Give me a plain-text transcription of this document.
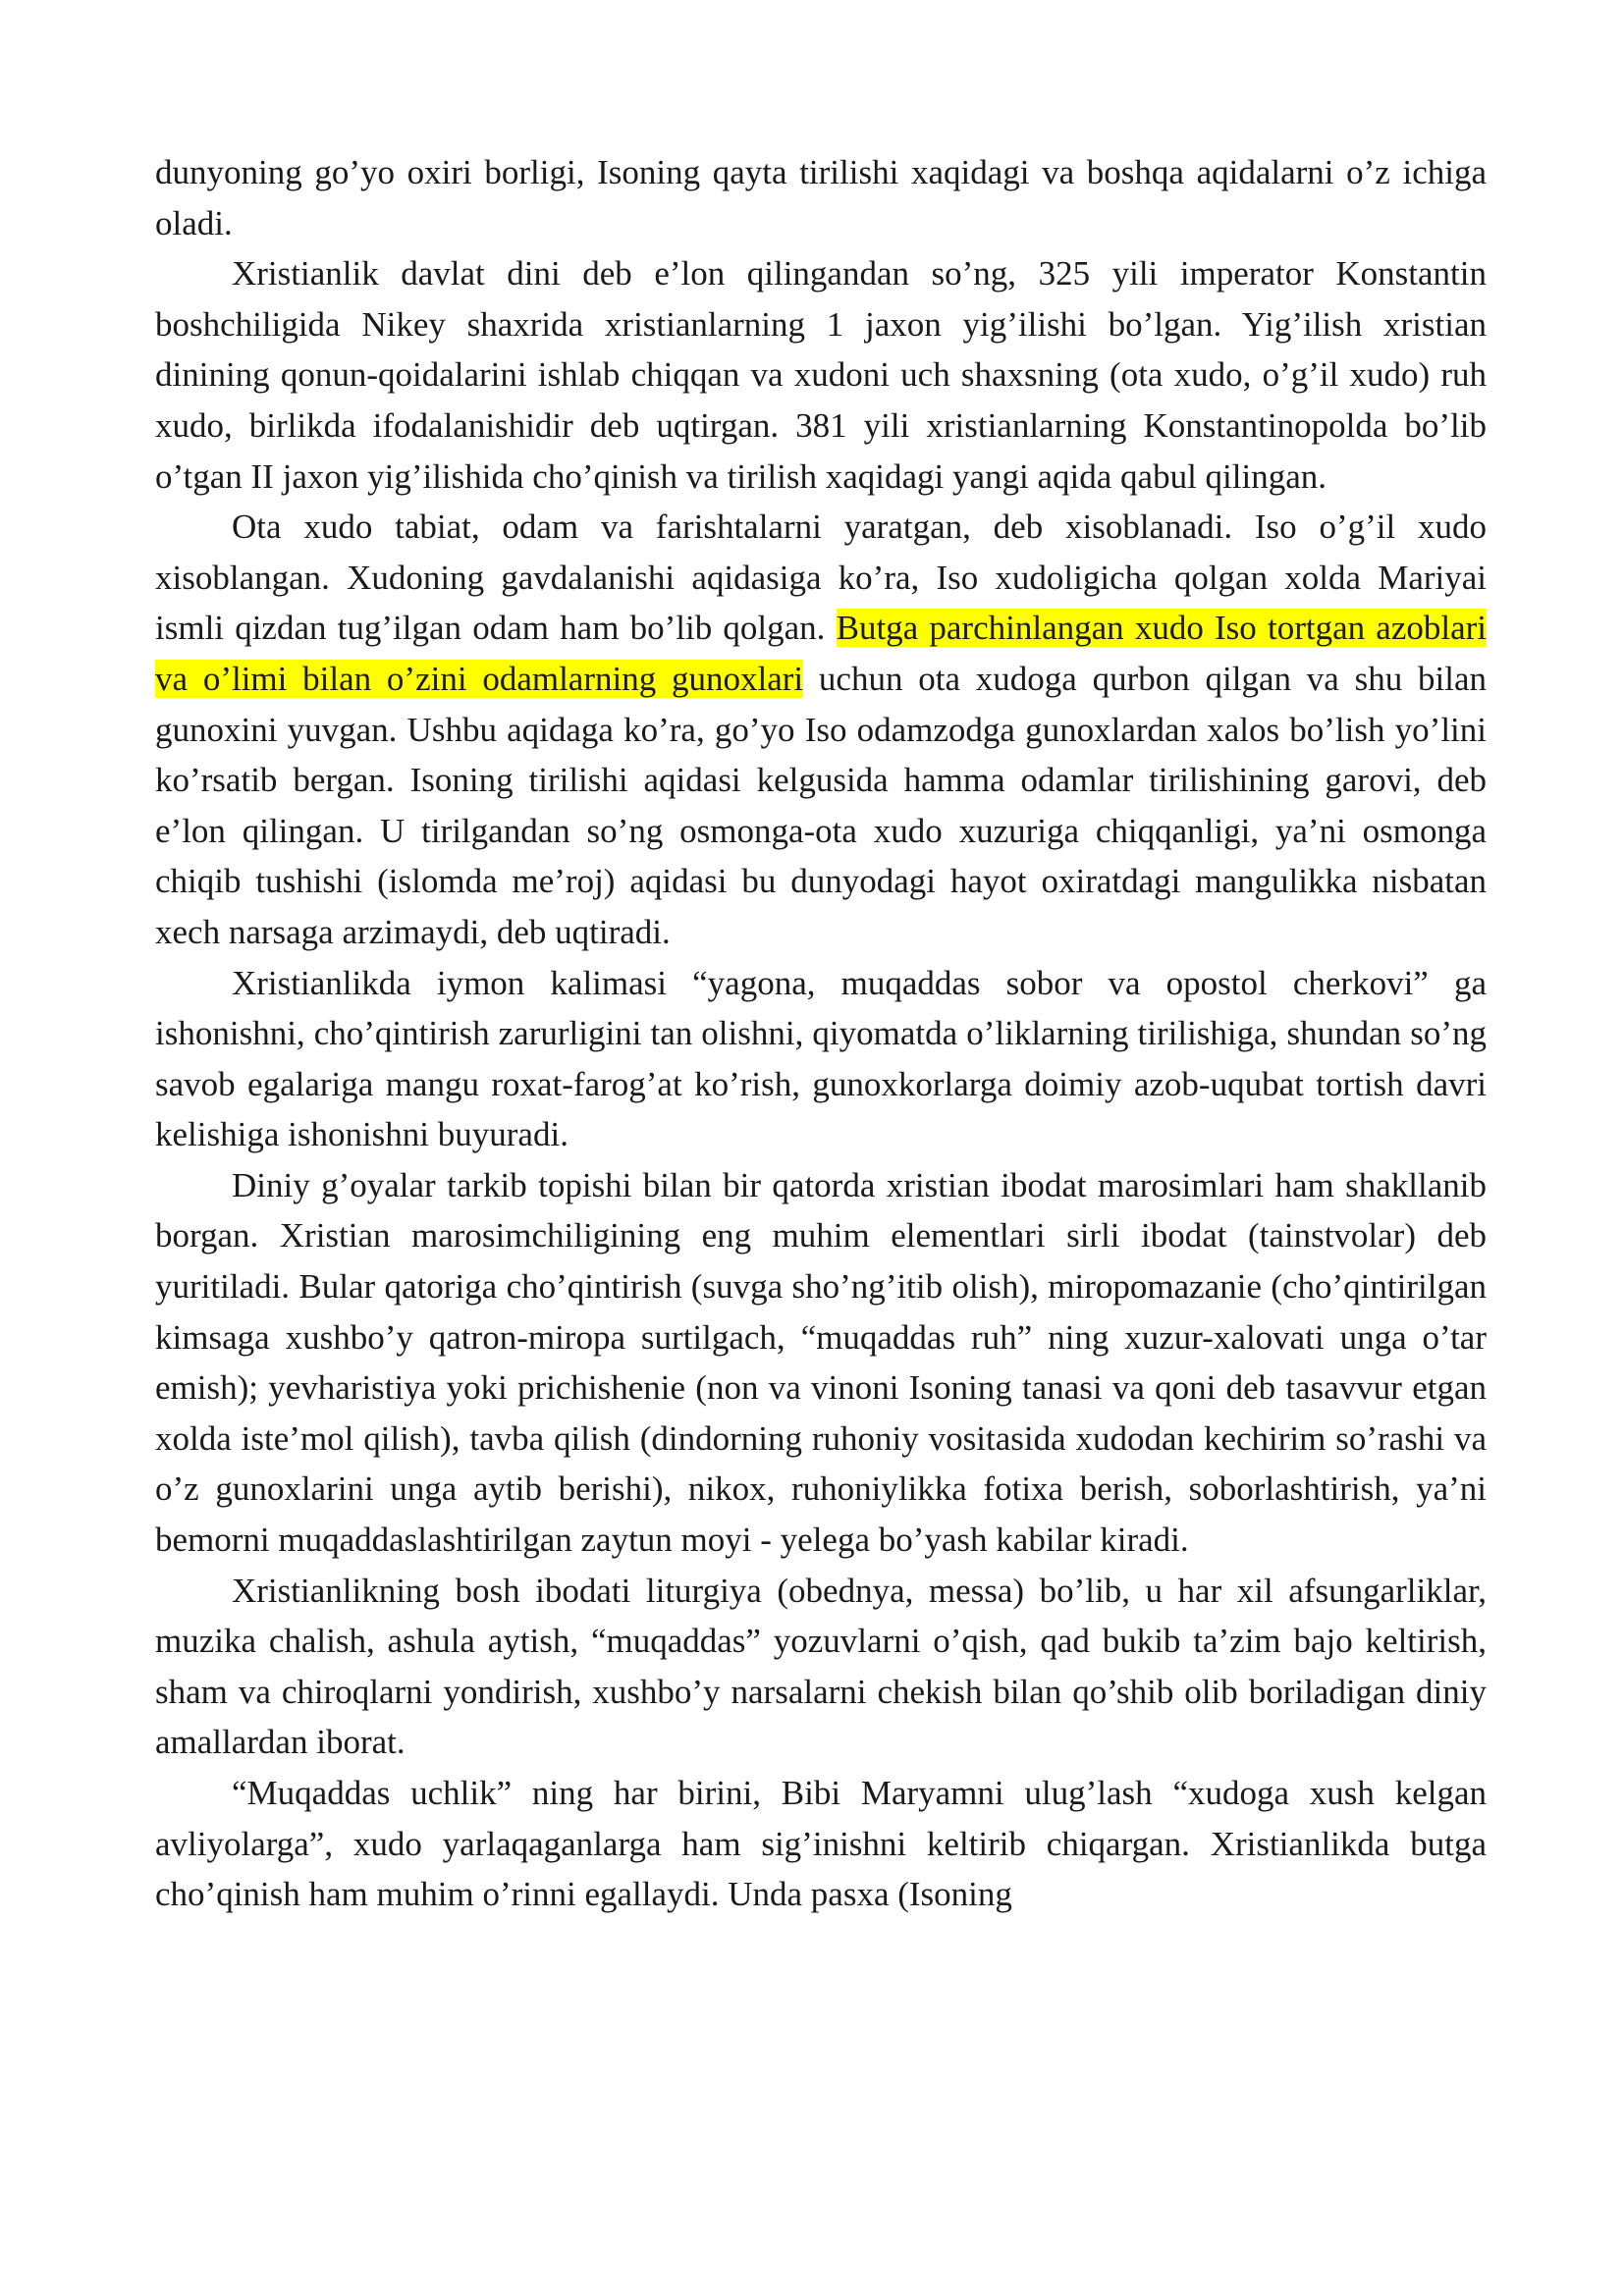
dunyoning go’yo oxiri borligi, Isoning qayta tirilishi xaqidagi va boshqa aqidalarni o’z ichiga oladi.

Xristianlik davlat dini deb e’lon qilingandan so’ng, 325 yili imperator Konstantin boshchiligida Nikey shaxrida xristianlarning 1 jaxon yig’ilishi bo’lgan. Yig’ilish xristian dinining qonun-qoidalarini ishlab chiqqan va xudoni uch shaxsning (ota xudo, o’g’il xudo) ruh xudo, birlikda ifodalanishidir deb uqtirgan. 381 yili xristianlarning Konstantinopolda bo’lib o’tgan II jaxon yig’ilishida cho’qinish va tirilish xaqidagi yangi aqida qabul qilingan.

Ota xudo tabiat, odam va farishtalarni yaratgan, deb xisoblanadi. Iso o’g’il xudo xisoblangan. Xudoning gavdalanishi aqidasiga ko’ra, Iso xudoligicha qolgan xolda Mariyai ismli qizdan tug’ilgan odam ham bo’lib qolgan. Butga parchinlangan xudo Iso tortgan azoblari va o’limi bilan o’zini odamlarning gunoxlari uchun ota xudoga qurbon qilgan va shu bilan gunoxini yuvgan. Ushbu aqidaga ko’ra, go’yo Iso odamzodga gunoxlardan xalos bo’lish yo’lini ko’rsatib bergan. Isoning tirilishi aqidasi kelgusida hamma odamlar tirilishining garovi, deb e’lon qilingan. U tirilgandan so’ng osmonga-ota xudo xuzuriga chiqqanligi, ya’ni osmonga chiqib tushishi (islomda me’roj) aqidasi bu dunyodagi hayot oxiratdagi mangulikka nisbatan xech narsaga arzimaydi, deb uqtiradi.

Xristianlikda iymon kalimasi “yagona, muqaddas sobor va opostol cherkovi” ga ishonishni, cho’qintirish zarurligini tan olishni, qiyomatda o’liklarning tirilishiga, shundan so’ng savob egalariga mangu roxat-farog’at ko’rish, gunoxkorlarga doimiy azob-uqubat tortish davri kelishiga ishonishni buyuradi.

Diniy g’oyalar tarkib topishi bilan bir qatorda xristian ibodat marosimlari ham shakllanib borgan. Xristian marosimchiligining eng muhim elementlari sirli ibodat (tainstvolar) deb yuritiladi. Bular qatoriga cho’qintirish (suvga sho’ng’itib olish), miropomazanie (cho’qintirilgan kimsaga xushbo’y qatron-miropa surtilgach, “muqaddas ruh” ning xuzur-xalovati unga o’tar emish); yevharistiya yoki prichishenie (non va vinoni Isoning tanasi va qoni deb tasavvur etgan xolda iste’mol qilish), tavba qilish (dindorning ruhoniy vositasida xudodan kechirim so’rashi va o’z gunoxlarini unga aytib berishi), nikox, ruhoniylikka fotixa berish, soborlashtirish, ya’ni bemorni muqaddaslashtirilgan zaytun moyi - yelega bo’yash kabilar kiradi.

Xristianlikning bosh ibodati liturgiya (obednya, messa) bo’lib, u har xil afsungarliklar, muzika chalish, ashula aytish, “muqaddas” yozuvlarni o’qish, qad bukib ta’zim bajo keltirish, sham va chiroqlarni yondirish, xushbo’y narsalarni chekish bilan qo’shib olib boriladigan diniy amallardan iborat.

“Muqaddas uchlik” ning har birini, Bibi Maryamni ulug’lash “xudoga xush kelgan avliyolarga”, xudo yarlaqaganlarga ham sig’inishni keltirib chiqargan. Xristianlikda butga cho’qinish ham muhim o’rinni egallaydi. Unda pasxa (Isoning
